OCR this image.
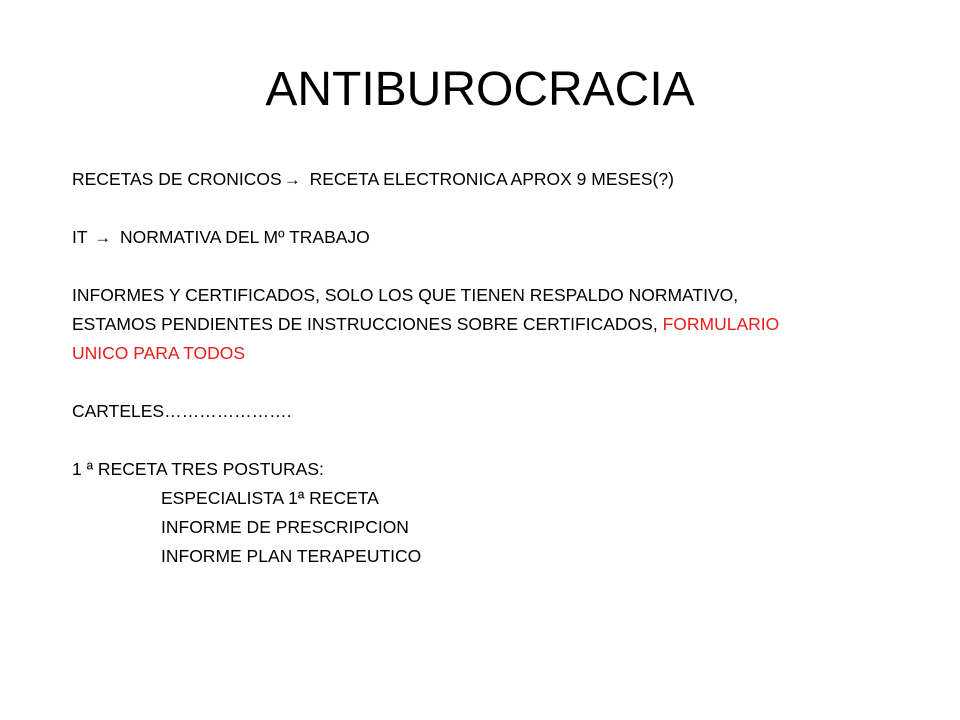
ANTIBUROCRACIA
RECETAS DE CRONICOS → RECETA ELECTRONICA APROX 9 MESES(?)
IT → NORMATIVA DEL Mº TRABAJO
INFORMES Y CERTIFICADOS, SOLO LOS QUE TIENEN RESPALDO NORMATIVO,
ESTAMOS PENDIENTES DE INSTRUCCIONES SOBRE CERTIFICADOS, FORMULARIO
UNICO PARA TODOS
CARTELES………………….
1 ª RECETA TRES POSTURAS:
ESPECIALISTA 1ª RECETA
INFORME DE PRESCRIPCION
INFORME PLAN TERAPEUTICO
